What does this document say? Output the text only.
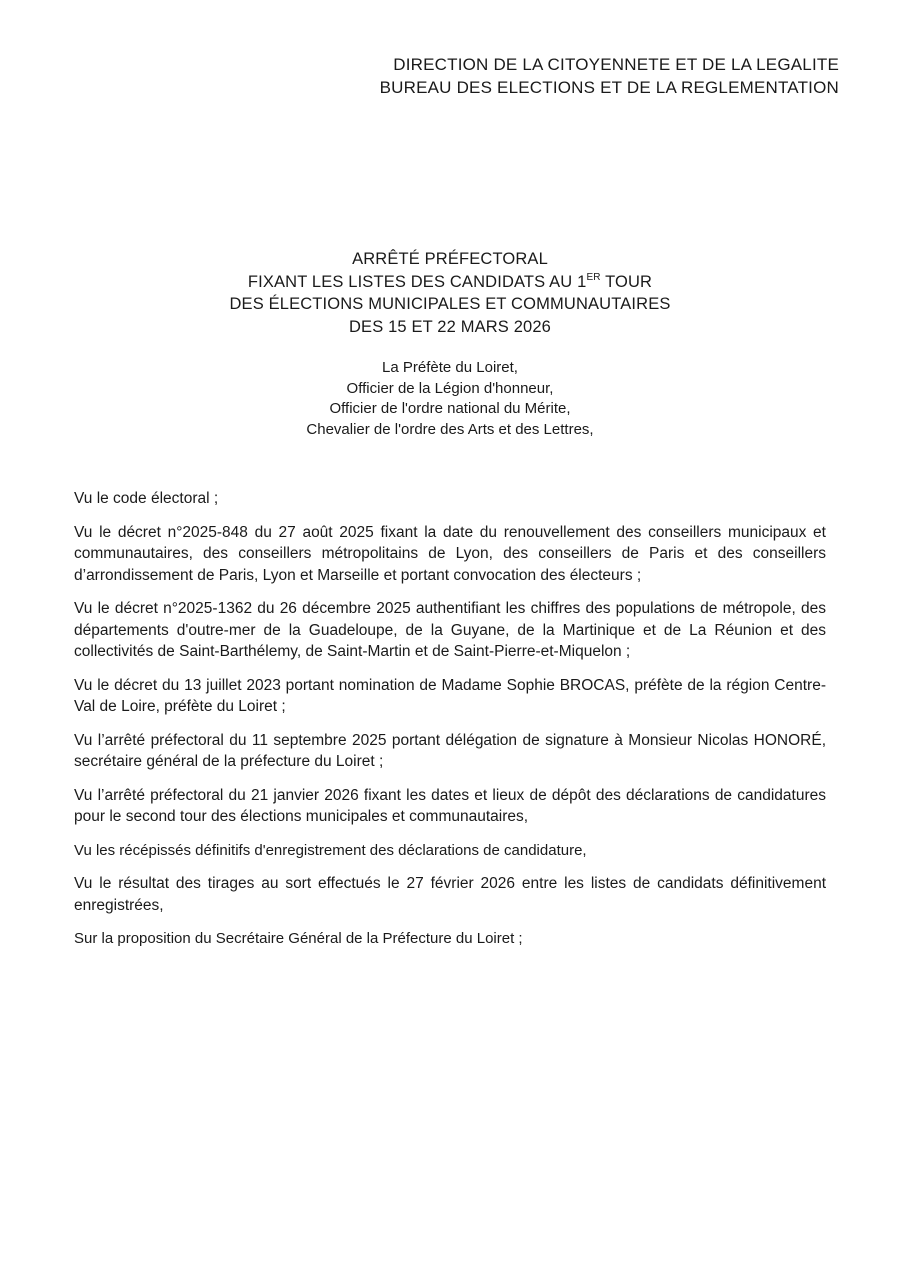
DIRECTION DE LA CITOYENNETE ET DE LA LEGALITE
BUREAU DES ELECTIONS ET DE LA REGLEMENTATION
ARRÊTÉ PRÉFECTORAL
FIXANT LES LISTES DES CANDIDATS AU 1ER TOUR
DES ÉLECTIONS MUNICIPALES ET COMMUNAUTAIRES
DES 15 ET 22 MARS 2026
La Préfète du Loiret,
Officier de la Légion d'honneur,
Officier de l'ordre national du Mérite,
Chevalier de l'ordre des Arts et des Lettres,

Vu le code électoral ;

Vu le décret n°2025-848 du 27 août 2025 fixant la date du renouvellement des conseillers municipaux et communautaires, des conseillers métropolitains de Lyon, des conseillers de Paris et des conseillers d’arrondissement de Paris, Lyon et Marseille et portant convocation des électeurs ;

Vu le décret n°2025-1362 du 26 décembre 2025 authentifiant les chiffres des populations de métropole, des départements d'outre-mer de la Guadeloupe, de la Guyane, de la Martinique et de La Réunion et des collectivités de Saint-Barthélemy, de Saint-Martin et de Saint-Pierre-et-Miquelon ;

Vu le décret du 13 juillet 2023 portant nomination de Madame Sophie BROCAS, préfète de la région Centre-Val de Loire, préfète du Loiret ;

Vu l’arrêté préfectoral du 11 septembre 2025 portant délégation de signature à Monsieur Nicolas HONORÉ, secrétaire général de la préfecture du Loiret ;

Vu l’arrêté préfectoral du 21 janvier 2026 fixant les dates et lieux de dépôt des déclarations de candidatures pour le second tour des élections municipales et communautaires,

Vu les récépissés définitifs d'enregistrement des déclarations de candidature,

Vu le résultat des tirages au sort effectués le 27 février 2026 entre les listes de candidats définitivement enregistrées,

Sur la proposition du Secrétaire Général de la Préfecture du Loiret ;
